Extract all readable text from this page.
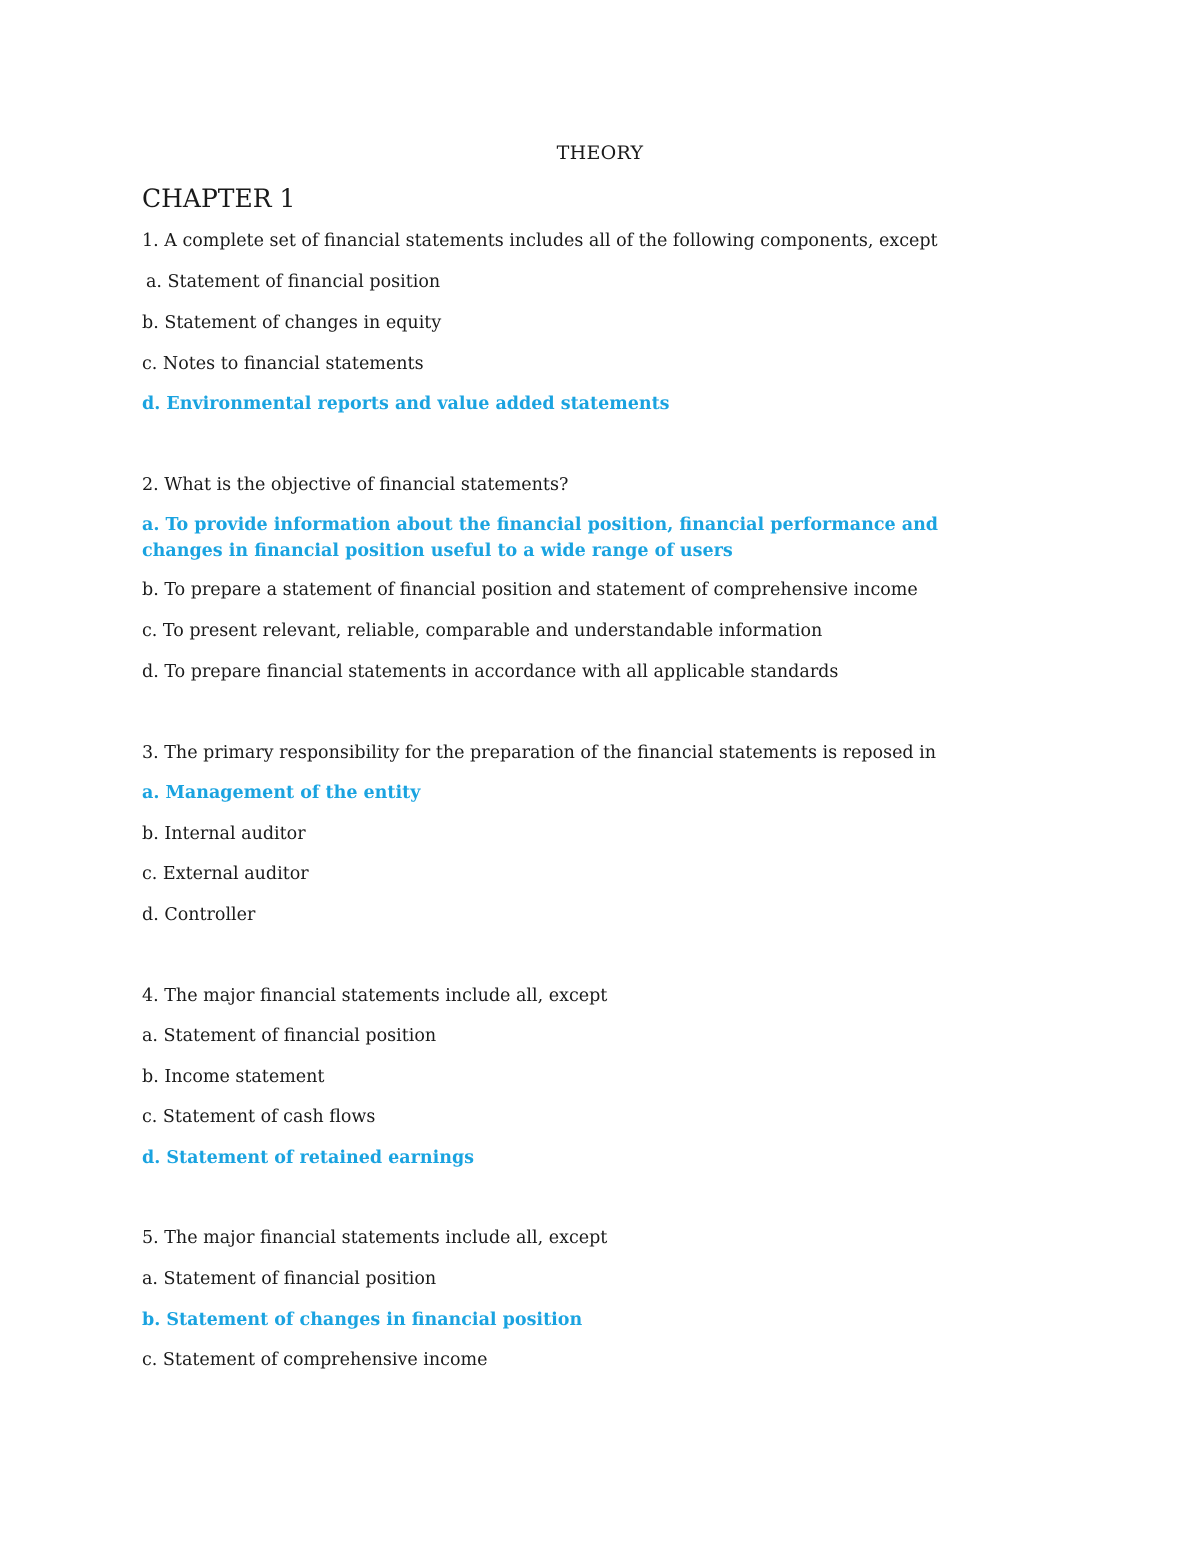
THEORY
CHAPTER 1
1. A complete set of financial statements includes all of the following components, except
a. Statement of financial position
b. Statement of changes in equity
c. Notes to financial statements
d. Environmental reports and value added statements
2. What is the objective of financial statements?
a. To provide information about the financial position, financial performance and changes in financial position useful to a wide range of users
b. To prepare a statement of financial position and statement of comprehensive income
c. To present relevant, reliable, comparable and understandable information
d. To prepare financial statements in accordance with all applicable standards
3. The primary responsibility for the preparation of the financial statements is reposed in
a. Management of the entity
b. Internal auditor
c. External auditor
d. Controller
4. The major financial statements include all, except
a. Statement of financial position
b. Income statement
c. Statement of cash flows
d. Statement of retained earnings
5. The major financial statements include all, except
a. Statement of financial position
b. Statement of changes in financial position
c. Statement of comprehensive income
